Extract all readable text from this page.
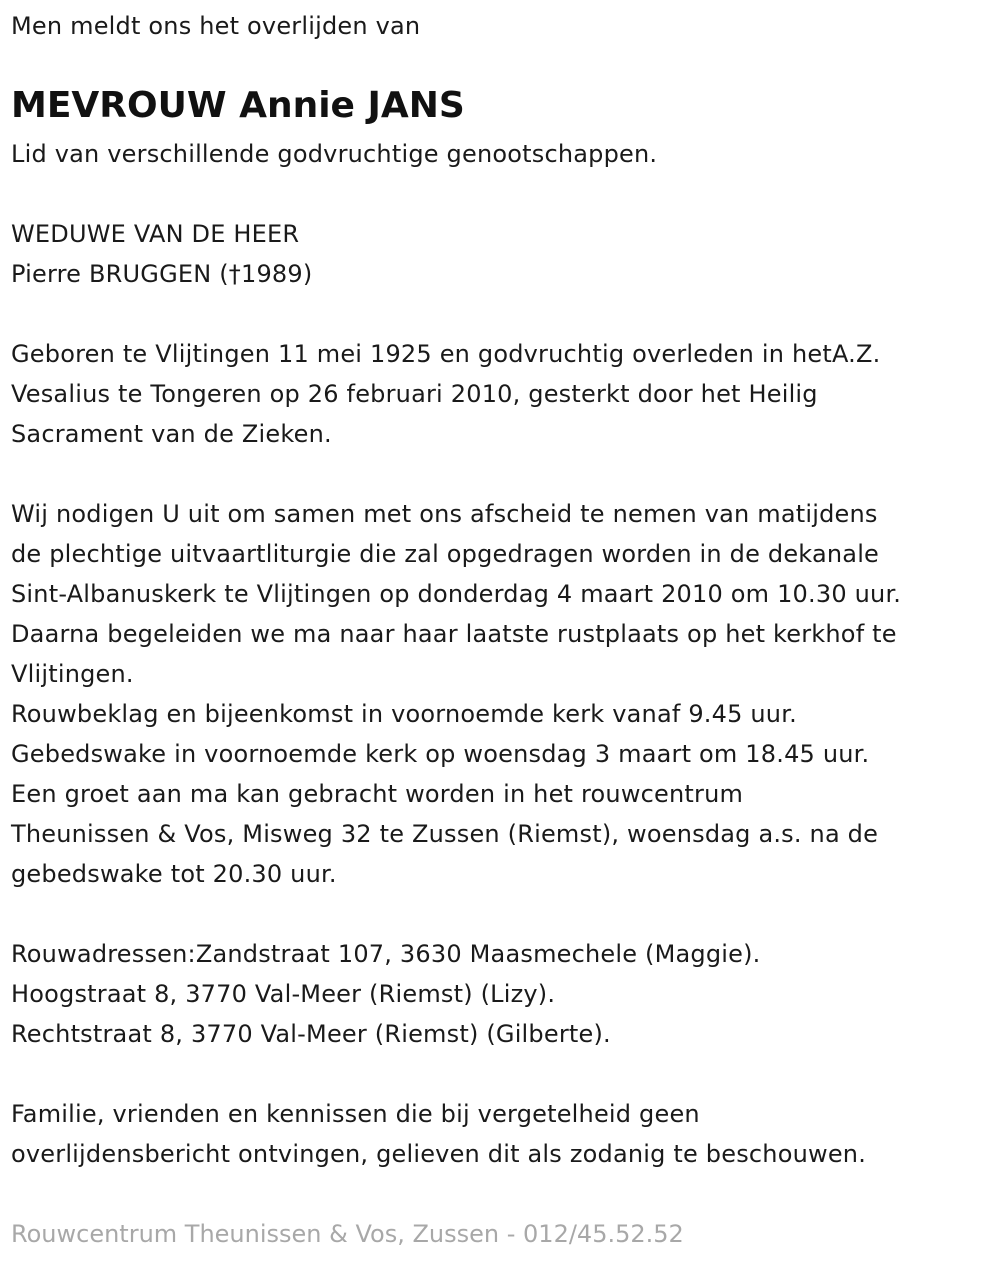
Men meldt ons het overlijden van
MEVROUW Annie JANS
Lid van verschillende godvruchtige genootschappen.
WEDUWE VAN DE HEER
Pierre BRUGGEN (†1989)
Geboren te Vlijtingen 11 mei 1925 en godvruchtig overleden in hetA.Z.
Vesalius te Tongeren op 26 februari 2010, gesterkt door het Heilig
Sacrament van de Zieken.
Wij nodigen U uit om samen met ons afscheid te nemen van matijdens
de plechtige uitvaartliturgie die zal opgedragen worden in de dekanale
Sint-Albanuskerk te Vlijtingen op donderdag 4 maart 2010 om 10.30 uur.
Daarna begeleiden we ma naar haar laatste rustplaats op het kerkhof te
Vlijtingen.
Rouwbeklag en bijeenkomst in voornoemde kerk vanaf 9.45 uur.
Gebedswake in voornoemde kerk op woensdag 3 maart om 18.45 uur.
Een groet aan ma kan gebracht worden in het rouwcentrum
Theunissen & Vos, Misweg 32 te Zussen (Riemst), woensdag a.s. na de
gebedswake tot 20.30 uur.
Rouwadressen:Zandstraat 107, 3630 Maasmechele (Maggie).
Hoogstraat 8, 3770 Val-Meer (Riemst) (Lizy).
Rechtstraat 8, 3770 Val-Meer (Riemst) (Gilberte).
Familie, vrienden en kennissen die bij vergetelheid geen
overlijdensbericht ontvingen, gelieven dit als zodanig te beschouwen.
Rouwcentrum Theunissen & Vos, Zussen - 012/45.52.52
